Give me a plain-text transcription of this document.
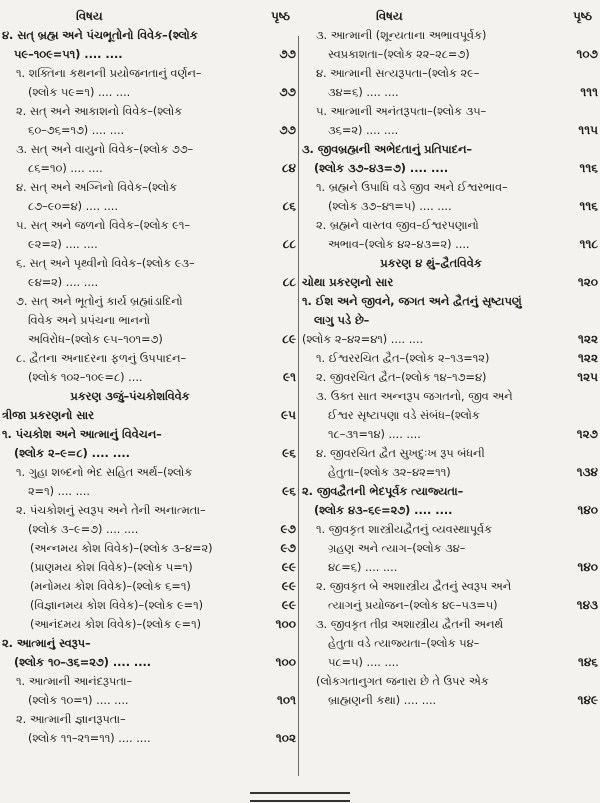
વિષય	પૃષ્ઠ
૪. સત્ બ્રહ્મ અને પંચભૂતોનો વિવેક–(શ્લોક
૫૯–૧૦૯=૫૧) .... ....	૭૭
૧. શક્તિના કથનની પ્રયોજનતાનું વર્ણન–
(શ્લોક ૫૯=૧) .... ....	૭૭
૨. સત્ અને આકાશનો વિવેક–(શ્લોક
૬૦–૭૬=૧૭) .... ....	૭૭
૩. સત્ અને વાયુનો વિવેક–(શ્લોક ૭૭–
૮૬=૧૦) .... ....	૮૪
૪. સત્ અને અગ્નિનો વિવેક–(શ્લોક
૮૭–૯૦=૪) .... ....	૮૬
૫. સત્ અને જળનો વિવેક–(શ્લોક ૯૧–
૯૨=૨) .... ....	૮૮
૬. સત્ અને પૃથ્વીનો વિવેક–(શ્લોક ૯૩–
૯૪=૨) .... ....	૮૮
૭. સત્ અને ભૂતોનું કાર્ય બ્રહ્માંડાદિનો
વિવેક અને પ્રપંચના ભાનનો
અવિરોધ–(શ્લોક ૯૫–૧૦૧=૭)	૮૯
૮. દ્વૈતના અનાદરના ફળનું ઉપપાદન–
(શ્લોક ૧૦૨–૧૦૯=૮) ....	૯૧
પ્રકરણ ૩જું–પંચકોશવિવેક
ત્રીજા પ્રકરણનો સાર	૯૫
૧. પંચકોશ અને આત્માનું વિવેચન–
(શ્લોક ૨–૯=૮) .... ....	૯૬
૧. ગુહા શબ્દનો ભેદ સહિત અર્થ–(શ્લોક
૨=૧) .... ....	૯૬
૨. પંચકોશનું સ્વરૂપ અને તેની અનાત્મતા–
(શ્લોક ૩–૯=૭) .... ....	૯૭
(અન્નમય કોશ વિવેક)–(શ્લોક ૩–૪=૨)	૯૭
(પ્રાણમય કોશ વિવેક)–(શ્લોક ૫=૧)	૯૯
(મનોમય કોશ વિવેક)–(શ્લોક ૬=૧)	૯૯
(વિજ્ઞાનમય કોશ વિવેક)–(શ્લોક ૯=૧)	૯૯
(આનંદમય કોશ વિવેક)–(શ્લોક ૯=૧)	૧૦૦
૨. આત્માનું સ્વરૂપ–
(શ્લોક ૧૦–૩૬=૨૭) .... ....	૧૦૦
૧. આત્માની આનંદરૂપતા–
(શ્લોક ૧૦=૧) .... ....	૧૦૧
૨. આત્માની જ્ઞાનરૂપતા–
(શ્લોક ૧૧–૨૧=૧૧) .... ....	૧૦૨
વિષય	પૃષ્ઠ
૩. આત્માની (શૂન્યતાના અભાવપૂર્વક)
સ્વપ્રકાશતા–(શ્લોક ૨૨–૨૮=૭)	૧૦૭
૪. આત્માની સત્યરૂપતા–(શ્લોક ૨૯–
૩૪=૬) .... ....	૧૧૧
૫. આત્માની અનંતરૂપતા–(શ્લોક ૩૫–
૩૬=૨) .... ....	૧૧૫
૩. જીવબ્રહ્મની અભેદતાનું પ્રતિપાદન–
(શ્લોક ૩૭–૪૩=૭) .... ....	૧૧૬
૧. બ્રહ્મને ઉપાધિ વડે જીવ અને ઈશ્વરભાવ–
(શ્લોક ૩૭–૪૧=૫) .... ....	૧૧૬
૨. બ્રહ્મને વાસ્તવ જીવ–ઈશ્વરપણાનો
અભાવ–(શ્લોક ૪૨–૪૩=૨) ....	૧૧૮
પ્રકરણ ૪ થું–દ્વૈતવિવેક
ચોથા પ્રકરણનો સાર	૧૨૦
૧. ઈશ અને જીવને, જગત અને દ્વૈતનું સૃષ્ટાપણું
લાગુ પડે છે–
(શ્લોક ૨–૪૨=૪૧) .... ....	૧૨૨
૧. ઈશ્વરરચિત દ્વૈત–(શ્લોક ૨–૧૩=૧૨)	૧૨૨
૨. જીવરચિત દ્વૈત–(શ્લોક ૧૪–૧૭=૪)	૧૨૫
૩. ઉક્ત સાત અન્નરૂપ જગતનો, જીવ અને
ઈશ્વર સૃષ્ટાપણા વડે સંબંધ–(શ્લોક
૧૮–૩૧=૧૪) .... ....	૧૨૭
૪. જીવરચિત દ્વૈત સુખદુઃખ રૂપ બંધની
હેતુતા–(શ્લોક ૩૨–૪૨=૧૧)	૧૩૪
૨. જીવદ્વૈતની ભેદપૂર્વક ત્યાજ્યતા–
(શ્લોક ૪૩–૬૯=૨૭) .... ....	૧૪૦
૧. જીવકૃત શાસ્ત્રીયદ્વૈતનું વ્યવસ્થાપૂર્વક
ગ્રહણ અને ત્યાગ–(શ્લોક ૩૪–
૪૮=૬) .... ....	૧૪૦
૨. જીવકૃત બે અશાસ્ત્રીય દ્વૈતનું સ્વરૂપ અને
ત્યાગનું પ્રયોજન–(શ્લોક ૪૯–૫૩=૫)	૧૪૩
૩. જીવકૃત તીવ્ર અશાસ્ત્રીય દ્વૈતની અનર્થ
હેતુતા વડે ત્યાજ્યતા–(શ્લોક ૫૪–
૫૮=૫) .... ....	૧૪૬
(લોકગતાનુગત જનારા છે તે ઉપર એક
બ્રાહ્મણની કથા) .... ....	૧૪૯
